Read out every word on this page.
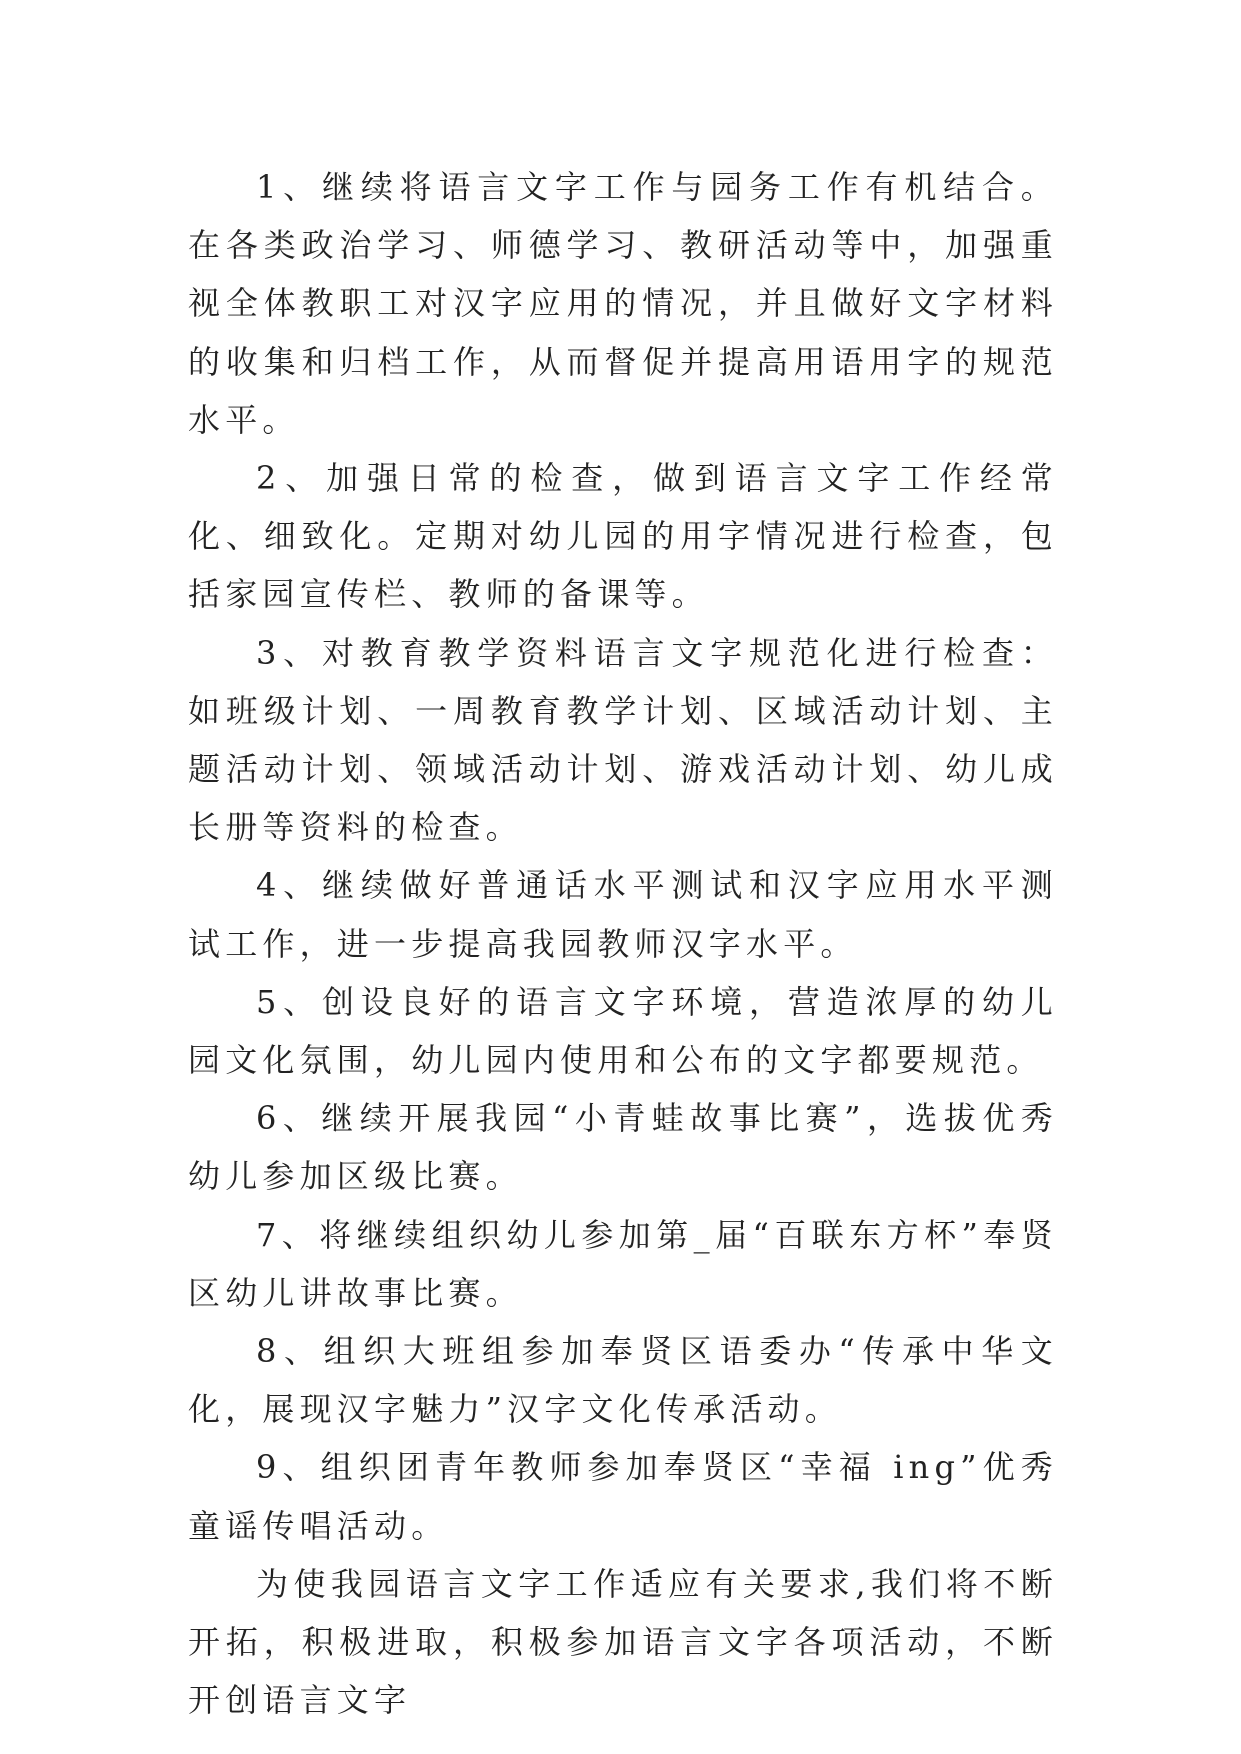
1、继续将语言文字工作与园务工作有机结合。在各类政治学习、师德学习、教研活动等中，加强重视全体教职工对汉字应用的情况，并且做好文字材料的收集和归档工作，从而督促并提高用语用字的规范水平。

2、加强日常的检查，做到语言文字工作经常化、细致化。定期对幼儿园的用字情况进行检查，包括家园宣传栏、教师的备课等。

3、对教育教学资料语言文字规范化进行检查：如班级计划、一周教育教学计划、区域活动计划、主题活动计划、领域活动计划、游戏活动计划、幼儿成长册等资料的检查。

4、继续做好普通话水平测试和汉字应用水平测试工作，进一步提高我园教师汉字水平。

5、创设良好的语言文字环境，营造浓厚的幼儿园文化氛围，幼儿园内使用和公布的文字都要规范。

6、继续开展我园“小青蛙故事比赛”，选拔优秀幼儿参加区级比赛。

7、将继续组织幼儿参加第_届“百联东方杯”奉贤区幼儿讲故事比赛。

8、组织大班组参加奉贤区语委办“传承中华文化，展现汉字魅力”汉字文化传承活动。

9、组织团青年教师参加奉贤区“幸福 ing”优秀童谣传唱活动。

为使我园语言文字工作适应有关要求,我们将不断开拓，积极进取，积极参加语言文字各项活动，不断开创语言文字
